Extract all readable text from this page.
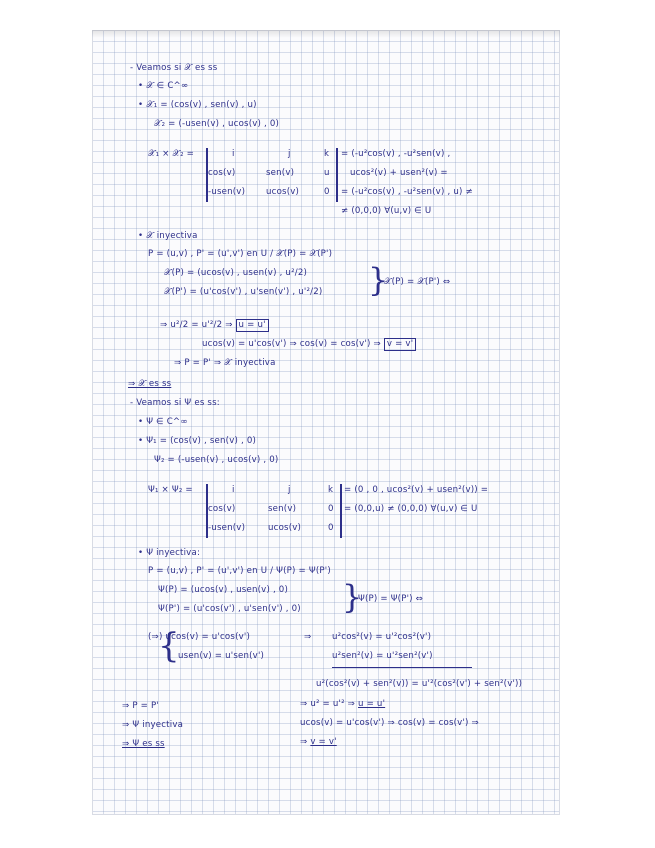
- Veamos si 𝒳 es ss
• 𝒳 ∈ C^∞
• 𝒳₁ = (cos(v) , sen(v) , u)
𝒳₂ = (-usen(v) , ucos(v) , 0)
𝒳₁ × 𝒳₂ =	i	j	k
cos(v)	sen(v)	u
-usen(v) ucos(v)	0
= (-u²cos(v) , -u²sen(v) ,
ucos²(v) + usen²(v) =
= (-u²cos(v) , -u²sen(v) , u) ≠
≠ (0,0,0) ∀(u,v) ∈ U
• 𝒳 inyectiva
P = (u,v) , P' = (u',v') en U / 𝒳(P) = 𝒳(P')
𝒳(P) = (ucos(v) , usen(v) , u²/2)
𝒳(P') = (u'cos(v') , u'sen(v') , u'²/2) }
𝒳(P) = 𝒳(P') ⇔
⇒ u²/2 = u'²/2 ⇒ u = u'
ucos(v) = u'cos(v') ⇒ cos(v) = cos(v') ⇒ v = v'
⇒ P = P' ⇒ 𝒳 inyectiva
⇒ 𝒳 es ss
- Veamos si Ψ es ss:
• Ψ ∈ C^∞
• Ψ₁ = (cos(v) , sen(v) , 0)
Ψ₂ = (-usen(v) , ucos(v) , 0)
Ψ₁ × Ψ₂ =	i	j	k
cos(v)	sen(v)	0
-usen(v)	ucos(v)	0
= (0 , 0 , ucos²(v) + usen²(v)) =
= (0,0,u) ≠ (0,0,0) ∀(u,v) ∈ U
• Ψ inyectiva:
P = (u,v) , P' = (u',v') en U / Ψ(P) = Ψ(P')
Ψ(P) = (ucos(v) , usen(v) , 0)
Ψ(P') = (u'cos(v') , u'sen(v') , 0) }
Ψ(P) = Ψ(P') ⇔
{
(⇒) ucos(v) = u'cos(v')
usen(v) = u'sen(v')
⇒ u²cos²(v) = u'²cos²(v')
u²sen²(v) = u'²sen²(v')
u²(cos²(v) + sen²(v)) = u'²(cos²(v') + sen²(v'))
⇒ u² = u'² ⇒ u = u'
ucos(v) = u'cos(v') ⇒ cos(v) = cos(v') ⇒
⇒ v = v'
⇒ P = P'
⇒ Ψ inyectiva
⇒ Ψ es ss
